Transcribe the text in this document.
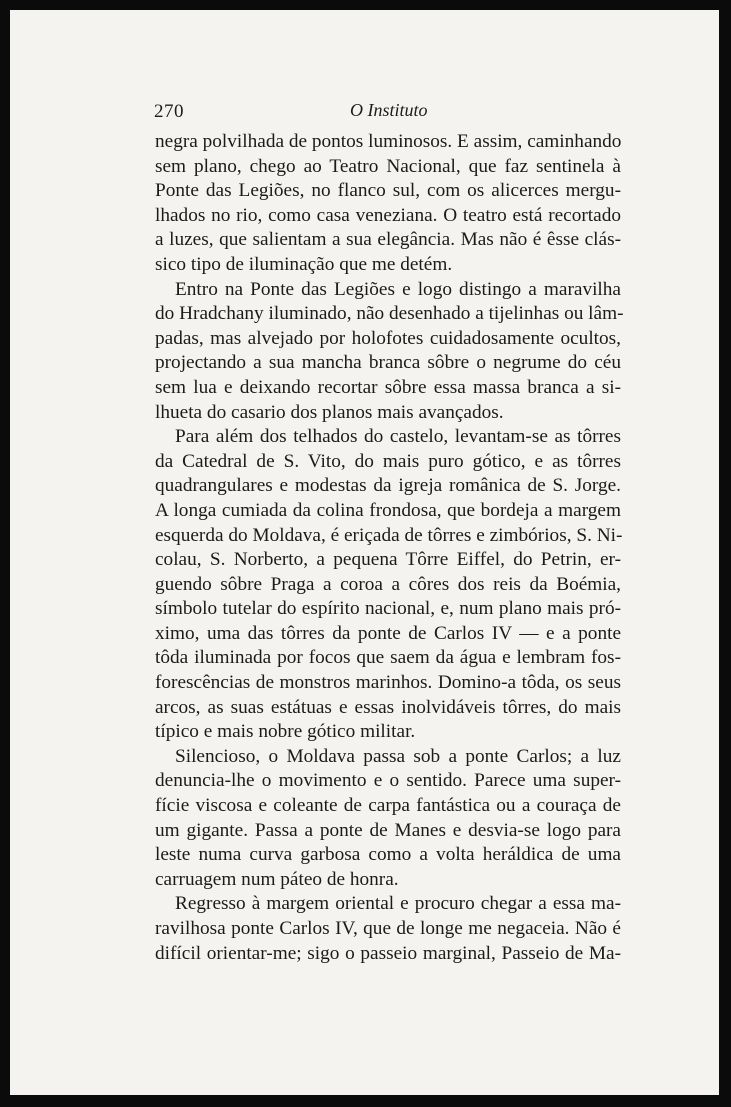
270	O Instituto
negra polvilhada de pontos luminosos. E assim, caminhando
sem plano, chego ao Teatro Nacional, que faz sentinela à
Ponte das Legiões, no flanco sul, com os alicerces mergu-
lhados no rio, como casa veneziana. O teatro está recortado
a luzes, que salientam a sua elegância. Mas não é êsse clás-
sico tipo de iluminação que me detém.
Entro na Ponte das Legiões e logo distingo a maravilha
do Hradchany iluminado, não desenhado a tijelinhas ou lâm-
padas, mas alvejado por holofotes cuidadosamente ocultos,
projectando a sua mancha branca sôbre o negrume do céu
sem lua e deixando recortar sôbre essa massa branca a si-
lhueta do casario dos planos mais avançados.
Para além dos telhados do castelo, levantam-se as tôrres
da Catedral de S. Vito, do mais puro gótico, e as tôrres
quadrangulares e modestas da igreja românica de S. Jorge.
A longa cumiada da colina frondosa, que bordeja a margem
esquerda do Moldava, é eriçada de tôrres e zimbórios, S. Ni-
colau, S. Norberto, a pequena Tôrre Eiffel, do Petrin, er-
guendo sôbre Praga a coroa a côres dos reis da Boémia,
símbolo tutelar do espírito nacional, e, num plano mais pró-
ximo, uma das tôrres da ponte de Carlos IV — e a ponte
tôda iluminada por focos que saem da água e lembram fos-
forescências de monstros marinhos. Domino-a tôda, os seus
arcos, as suas estátuas e essas inolvidáveis tôrres, do mais
típico e mais nobre gótico militar.
Silencioso, o Moldava passa sob a ponte Carlos; a luz
denuncia-lhe o movimento e o sentido. Parece uma super-
fície viscosa e coleante de carpa fantástica ou a couraça de
um gigante. Passa a ponte de Manes e desvia-se logo para
leste numa curva garbosa como a volta heráldica de uma
carruagem num páteo de honra.
Regresso à margem oriental e procuro chegar a essa ma-
ravilhosa ponte Carlos IV, que de longe me negaceia. Não é
difícil orientar-me; sigo o passeio marginal, Passeio de Ma-
